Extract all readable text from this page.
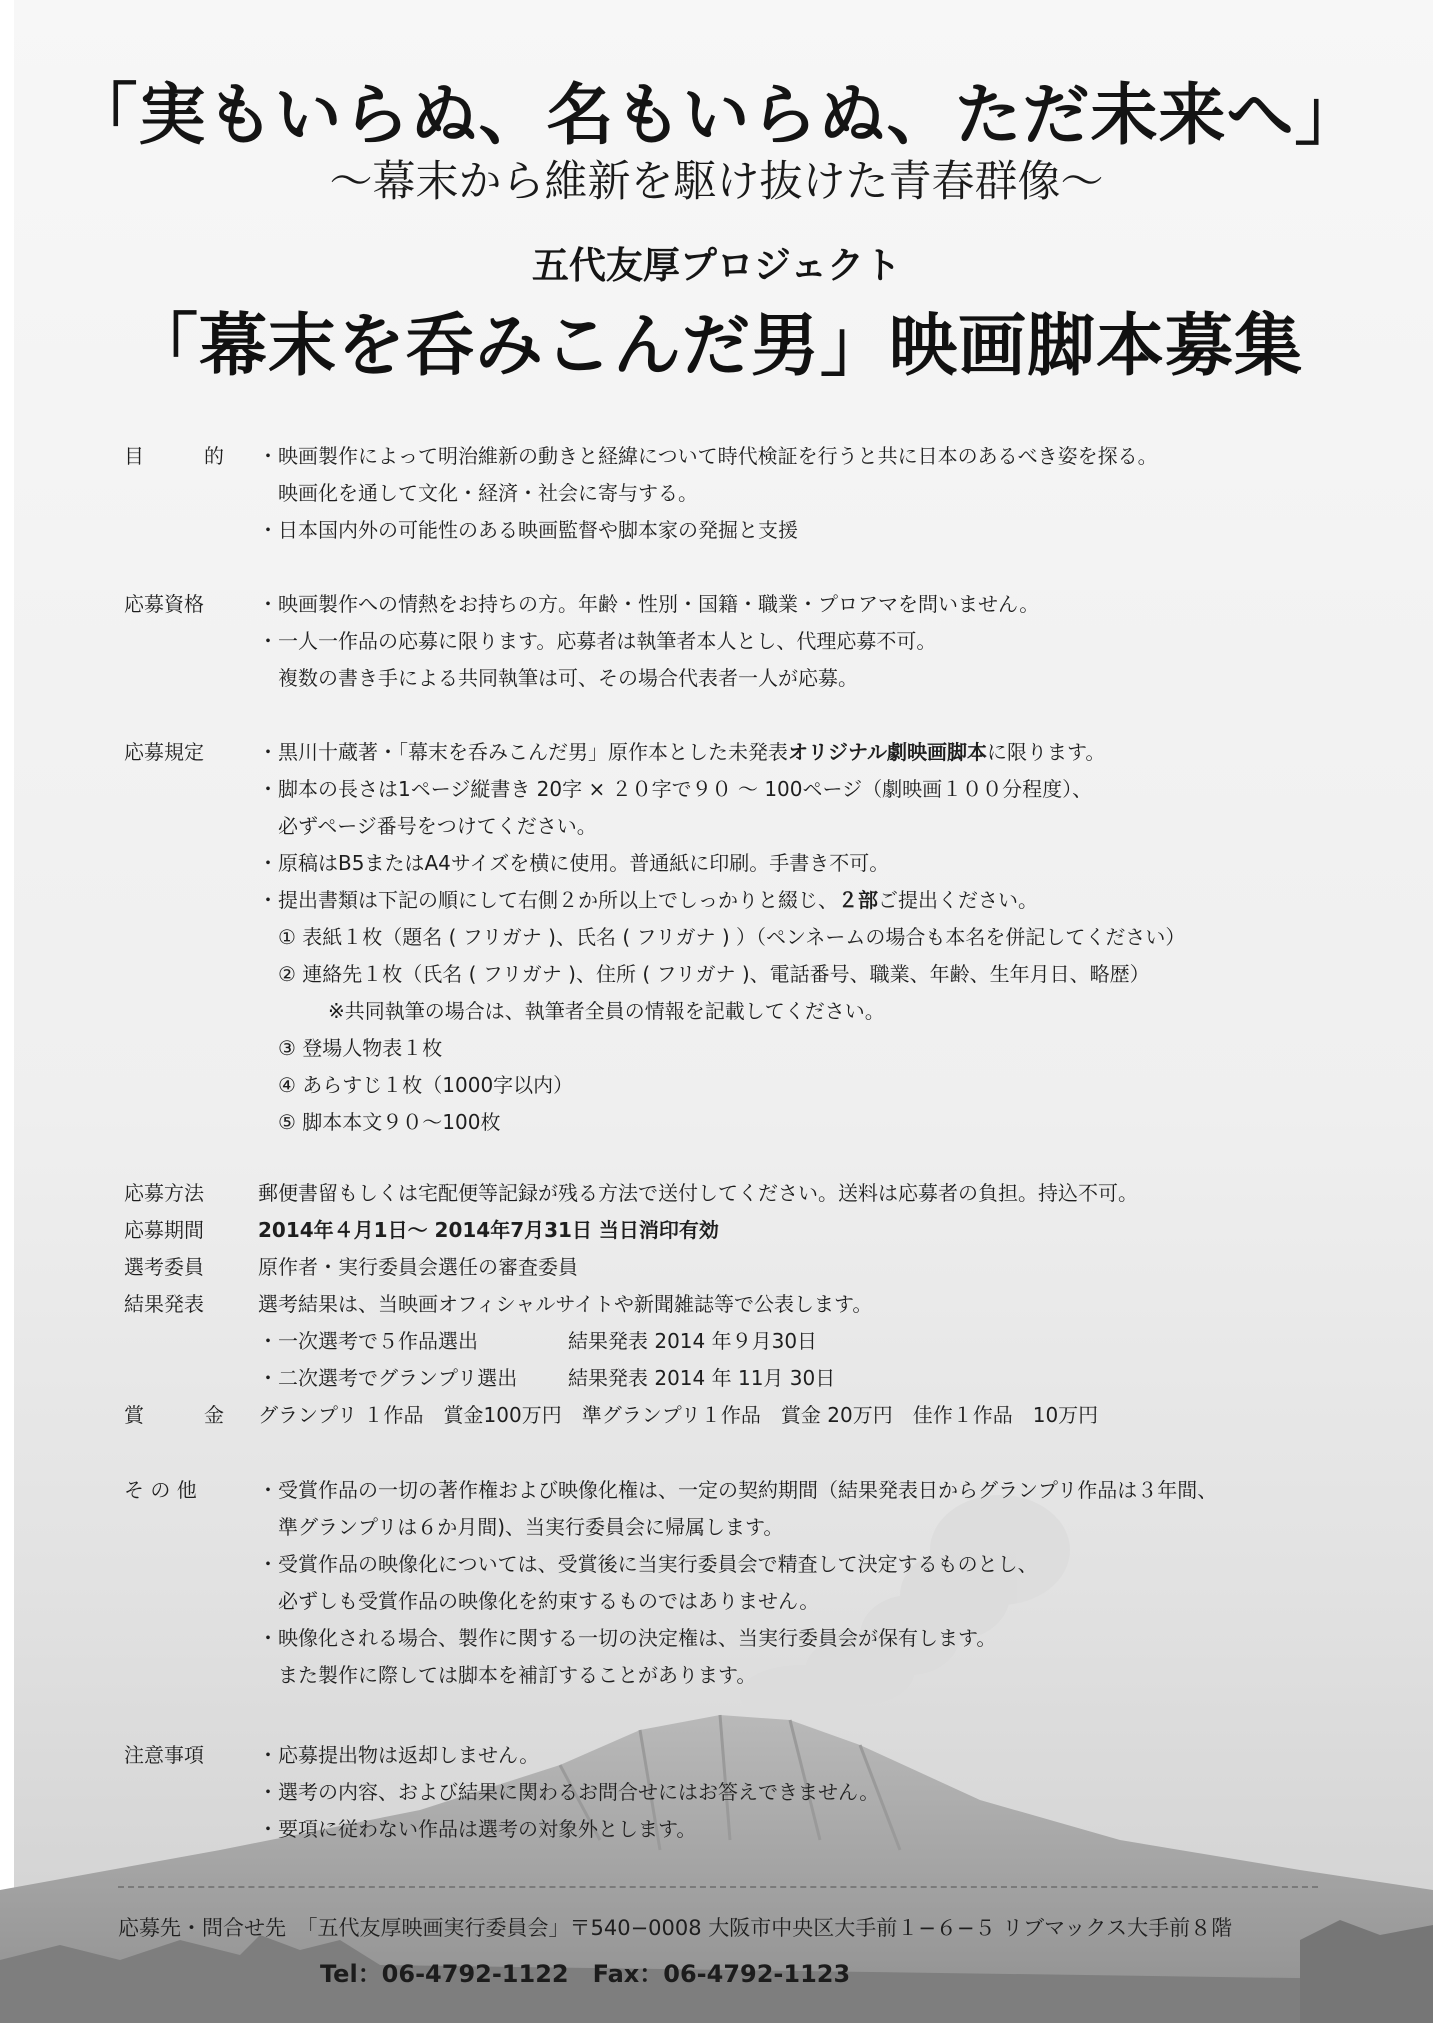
「実もいらぬ、名もいらぬ、ただ未来へ」
〜幕末から維新を駆け抜けた青春群像〜
五代友厚プロジェクト
「幕末を呑みこんだ男」映画脚本募集
目　的 ・映画製作によって明治維新の動きと経緯について時代検証を行うと共に日本のあるべき姿を探る。
映画化を通して文化・経済・社会に寄与する。
・日本国内外の可能性のある映画監督や脚本家の発掘と支援
応募資格	・映画製作への情熱をお持ちの方。年齢・性別・国籍・職業・プロアマを問いません。
・一人一作品の応募に限ります。応募者は執筆者本人とし、代理応募不可。
複数の書き手による共同執筆は可、その場合代表者一人が応募。
応募規定	・黒川十蔵著・「幕末を呑みこんだ男」原作本とした未発表オリジナル劇映画脚本に限ります。
・脚本の長さは1ページ縦書き 20字 × ２０字で９０ 〜 100ページ（劇映画１００分程度）、
必ずページ番号をつけてください。
・原稿はB5またはA4サイズを横に使用。普通紙に印刷。手書き不可。
・提出書類は下記の順にして右側２か所以上でしっかりと綴じ、２部ご提出ください。
① 表紙１枚（題名 ( フリガナ )、氏名 ( フリガナ ) ）（ペンネームの場合も本名を併記してください）
② 連絡先１枚（氏名 ( フリガナ )、住所 ( フリガナ )、電話番号、職業、年齢、生年月日、略歴）
※共同執筆の場合は、執筆者全員の情報を記載してください。
③ 登場人物表１枚
④ あらすじ１枚（1000字以内）
⑤ 脚本本文９０〜100枚
応募方法	郵便書留もしくは宅配便等記録が残る方法で送付してください。送料は応募者の負担。持込不可。
応募期間	2014年４月1日〜 2014年7月31日 当日消印有効
選考委員	原作者・実行委員会選任の審査委員
結果発表	選考結果は、当映画オフィシャルサイトや新聞雑誌等で公表します。
・一次選考で５作品選出	結果発表 2014 年９月30日
・二次選考でグランプリ選出	結果発表 2014 年 11月 30日
賞　金 グランプリ １作品　賞金100万円　準グランプリ１作品　賞金 20万円　佳作１作品　10万円
そ の 他	・受賞作品の一切の著作権および映像化権は、一定の契約期間（結果発表日からグランプリ作品は３年間、
準グランプリは６か月間)、当実行委員会に帰属します。
・受賞作品の映像化については、受賞後に当実行委員会で精査して決定するものとし、
必ずしも受賞作品の映像化を約束するものではありません。
・映像化される場合、製作に関する一切の決定権は、当実行委員会が保有します。
また製作に際しては脚本を補訂することがあります。
注意事項	・応募提出物は返却しません。
・選考の内容、および結果に関わるお問合せにはお答えできません。
・要項に従わない作品は選考の対象外とします。
応募先・問合せ先　「五代友厚映画実行委員会」〒540−0008 大阪市中央区大手前１−６−５ リブマックス大手前８階
Tel：06-4792-1122　Fax：06-4792-1123
